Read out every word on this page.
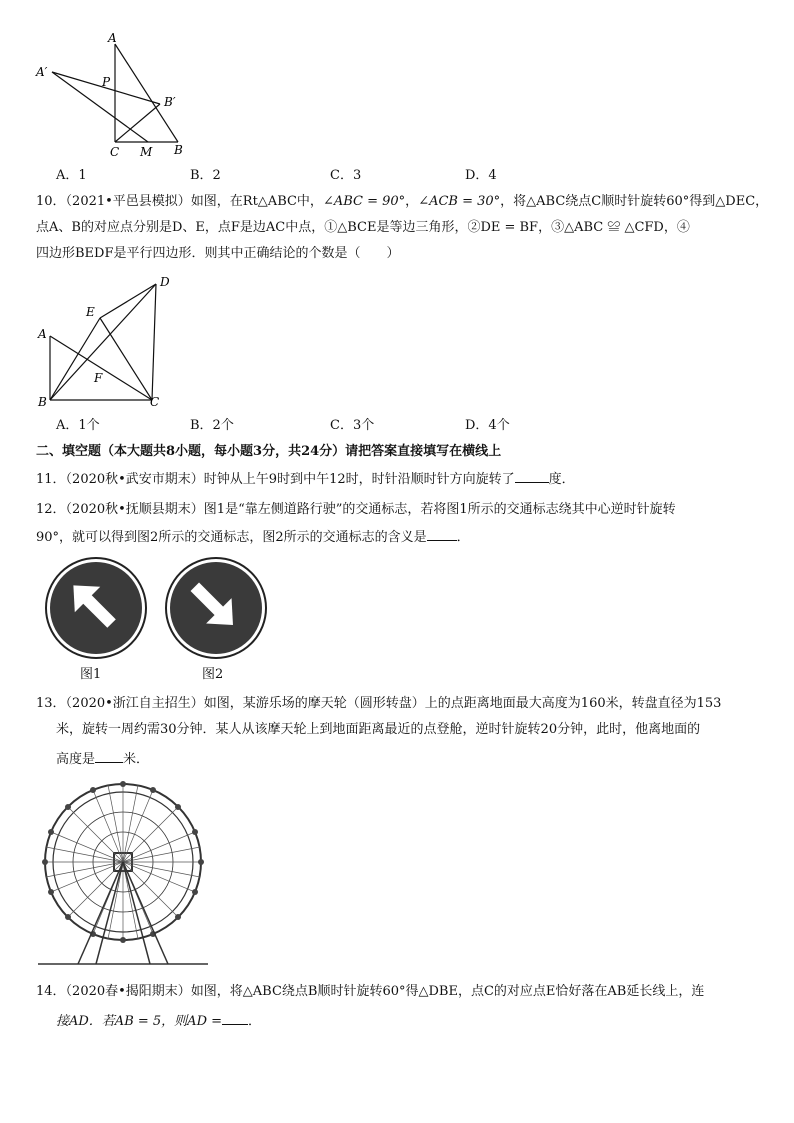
A
A′
P
B′
C M B
A．1	B．2	C．3	D．4
10．（2021•平邑县模拟）如图，在Rt△ABC中，∠ABC = 90°，∠ACB = 30°，将△ABC绕点C顺时针旋转60°得到△DEC，
点A、B的对应点分别是D、E，点F是边AC中点，①△BCE是等边三角形，②DE = BF，③△ABC ≌ △CFD，④
四边形BEDF是平行四边形．则其中正确结论的个数是（　　）
D
E
A
F
B	C
A．1个	B．2个	C．3个	D．4个
二、填空题（本大题共8小题，每小题3分，共24分）请把答案直接填写在横线上
11．（2020秋•武安市期末）时钟从上午9时到中午12时，时针沿顺时针方向旋转了	度．
12．（2020秋•抚顺县期末）图1是“靠左侧道路行驶”的交通标志，若将图1所示的交通标志绕其中心逆时针旋转
90°，就可以得到图2所示的交通标志，图2所示的交通标志的含义是 ．
图1	图2
13．（2020•浙江自主招生）如图，某游乐场的摩天轮（圆形转盘）上的点距离地面最大高度为160米，转盘直径为153
米，旋转一周约需30分钟．某人从该摩天轮上到地面距离最近的点登舱，逆时针旋转20分钟，此时，他离地面的
高度是 米．
14．（2020春•揭阳期末）如图，将△ABC绕点B顺时针旋转60°得△DBE，点C的对应点E恰好落在AB延长线上，连
接AD．若AB = 5，则AD = ．
